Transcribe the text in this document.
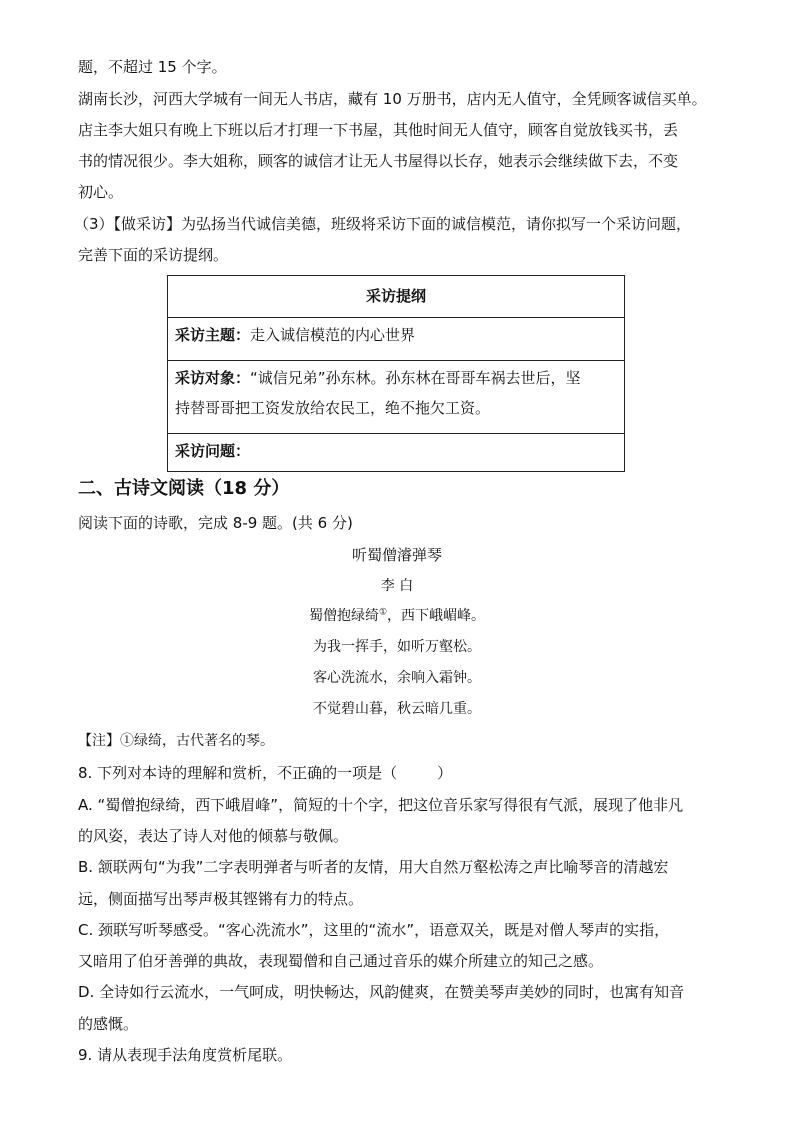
题，不超过 15 个字。
湖南长沙，河西大学城有一间无人书店，藏有 10 万册书，店内无人值守，全凭顾客诚信买单。
店主李大姐只有晚上下班以后才打理一下书屋，其他时间无人值守，顾客自觉放钱买书，丢
书的情况很少。李大姐称，顾客的诚信才让无人书屋得以长存，她表示会继续做下去，不变
初心。
（3）【做采访】为弘扬当代诚信美德，班级将采访下面的诚信模范，请你拟写一个采访问题，
完善下面的采访提纲。
采访提纲
采访主题：走入诚信模范的内心世界
采访对象：“诚信兄弟”孙东林。孙东林在哥哥车祸去世后，坚
持替哥哥把工资发放给农民工，绝不拖欠工资。
采访问题：
二、古诗文阅读（18 分）
阅读下面的诗歌，完成 8-9 题。(共 6 分)
听蜀僧濬弹琴
李 白
蜀僧抱绿绮①，西下峨嵋峰。
为我一挥手，如听万壑松。
客心洗流水，余响入霜钟。
不觉碧山暮，秋云暗几重。
【注】①绿绮，古代著名的琴。
8. 下列对本诗的理解和赏析，不正确的一项是（	）
A. “蜀僧抱绿绮，西下峨眉峰”，简短的十个字，把这位音乐家写得很有气派，展现了他非凡
的风姿，表达了诗人对他的倾慕与敬佩。
B. 颔联两句“为我”二字表明弹者与听者的友情，用大自然万壑松涛之声比喻琴音的清越宏
远，侧面描写出琴声极其铿锵有力的特点。
C. 颈联写听琴感受。“客心洗流水”，这里的“流水”，语意双关，既是对僧人琴声的实指，
又暗用了伯牙善弹的典故，表现蜀僧和自己通过音乐的媒介所建立的知己之感。
D. 全诗如行云流水，一气呵成，明快畅达，风韵健爽，在赞美琴声美妙的同时，也寓有知音
的感慨。
9. 请从表现手法角度赏析尾联。
